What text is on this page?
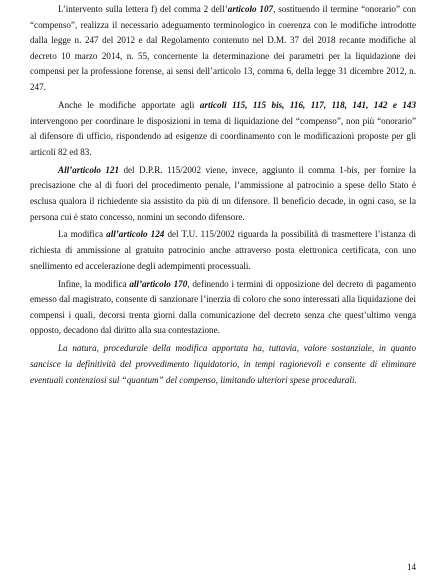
L’intervento sulla lettera f) del comma 2 dell’articolo 107, sostituendo il termine “onorario” con “compenso”, realizza il necessario adeguamento terminologico in coerenza con le modifiche introdotte dalla legge n. 247 del 2012 e dal Regolamento contenuto nel D.M. 37 del 2018 recante modifiche al decreto 10 marzo 2014, n. 55, concernente la determinazione dei parametri per la liquidazione dei compensi per la professione forense, ai sensi dell’articolo 13, comma 6, della legge 31 dicembre 2012, n. 247.

Anche le modifiche apportate agli articoli 115, 115 bis, 116, 117, 118, 141, 142 e 143 intervengono per coordinare le disposizioni in tema di liquidazione del “compenso”, non più “onorario” al difensore di ufficio, rispondendo ad esigenze di coordinamento con le modificazioni proposte per gli articoli 82 ed 83.

All’articolo 121 del D.P.R. 115/2002 viene, invece, aggiunto il comma 1-bis, per fornire la precisazione che al di fuori del procedimento penale, l’ammissione al patrocinio a spese dello Stato è esclusa qualora il richiedente sia assistito da più di un difensore. Il beneficio decade, in ogni caso, se la persona cui è stato concesso, nomini un secondo difensore.

La modifica all’articolo 124 del T.U. 115/2002 riguarda la possibilità di trasmettere l’istanza di richiesta di ammissione al gratuito patrocinio anche attraverso posta elettronica certificata, con uno snellimento ed accelerazione degli adempimenti processuali.

Infine, la modifica all’articolo 170, definendo i termini di opposizione del decreto di pagamento emesso dal magistrato, consente di sanzionare l’inerzia di coloro che sono interessati alla liquidazione dei compensi i quali, decorsi trenta giorni dalla comunicazione del decreto senza che quest’ultimo venga opposto, decadono dal diritto alla sua contestazione.

La natura, procedurale della modifica apportata ha, tuttavia, valore sostanziale, in quanto sancisce la definitività del provvedimento liquidatorio, in tempi ragionevoli e consente di eliminare eventuali contenziosi sul “quantum” del compenso, limitando ulteriori spese procedurali.

14
